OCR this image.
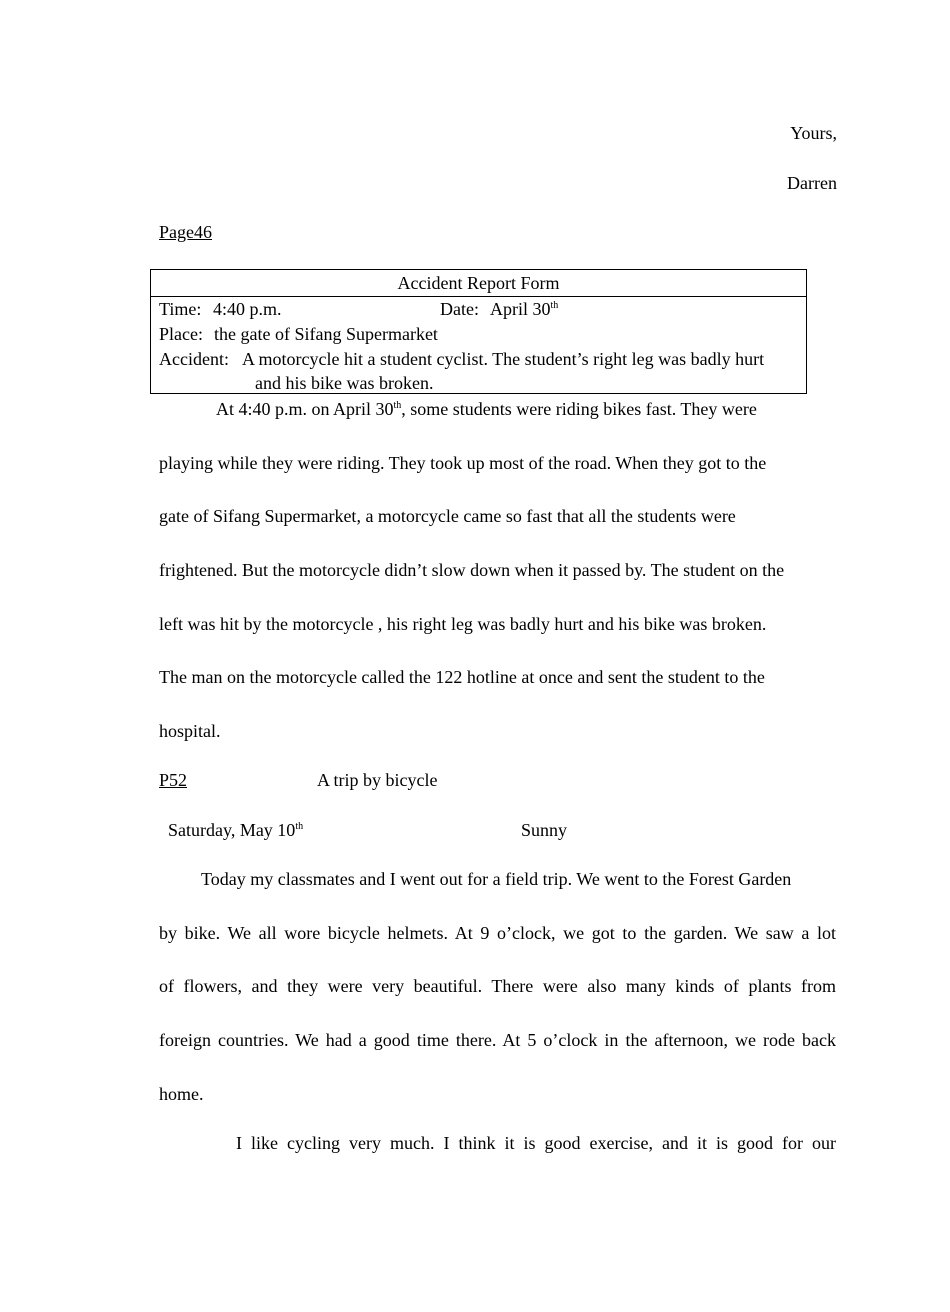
Yours,
Darren
Page46
Accident Report Form
Time: 4:40 p.m.	Date: April 30th
Place: the gate of Sifang Supermarket
Accident: A motorcycle hit a student cyclist. The student’s right leg was badly hurt
and his bike was broken.
At 4:40 p.m. on April 30th, some students were riding bikes fast. They were
playing while they were riding. They took up most of the road. When they got to the
gate of Sifang Supermarket, a motorcycle came so fast that all the students were
frightened. But the motorcycle didn’t slow down when it passed by. The student on the
left was hit by the motorcycle , his right leg was badly hurt and his bike was broken.
The man on the motorcycle called the 122 hotline at once and sent the student to the
hospital.
P52	A trip by bicycle
Saturday, May 10th	Sunny
Today my classmates and I went out for a field trip. We went to the Forest Garden
by bike. We all wore bicycle helmets. At 9 o’clock, we got to the garden. We saw a lot
of flowers, and they were very beautiful. There were also many kinds of plants from
foreign countries. We had a good time there. At 5 o’clock in the afternoon, we rode back
home.
I like cycling very much. I think it is good exercise, and it is good for our
